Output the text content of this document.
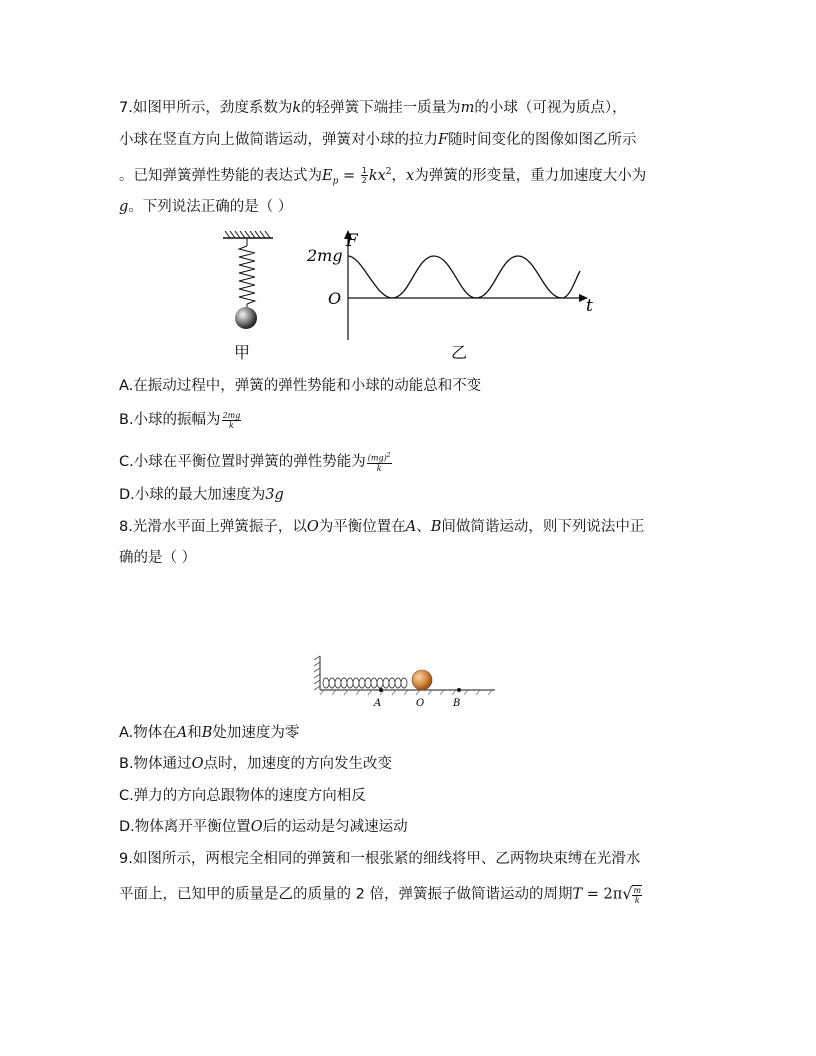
7.如图甲所示，劲度系数为k的轻弹簧下端挂一质量为m的小球（可视为质点），
小球在竖直方向上做简谐运动，弹簧对小球的拉力F随时间变化的图像如图乙所示
。已知弹簧弹性势能的表达式为$E_p = \frac{1}{2} kx^2$，x为弹簧的形变量，重力加速度大小为
g。下列说法正确的是（ ）
甲
F
2mg
O	t
乙
A.在振动过程中，弹簧的弹性势能和小球的动能总和不变
B.小球的振幅为 $\frac{2mg}{k}$
C.小球在平衡位置时弹簧的弹性势能为 $\frac{(mg)^2}{k}$
D.小球的最大加速度为3g
8.光滑水平面上弹簧振子，以O为平衡位置在A、B间做简谐运动，则下列说法中正
确的是（ ）
A	O	B
A.物体在A和B处加速度为零
B.物体通过O点时，加速度的方向发生改变
C.弹力的方向总跟物体的速度方向相反
D.物体离开平衡位置O后的运动是匀减速运动
9.如图所示，两根完全相同的弹簧和一根张紧的细线将甲、乙两物块束缚在光滑水
平面上，已知甲的质量是乙的质量的 2 倍，弹簧振子做简谐运动的周期$T = 2\pi√ \frac{m}{k}$
